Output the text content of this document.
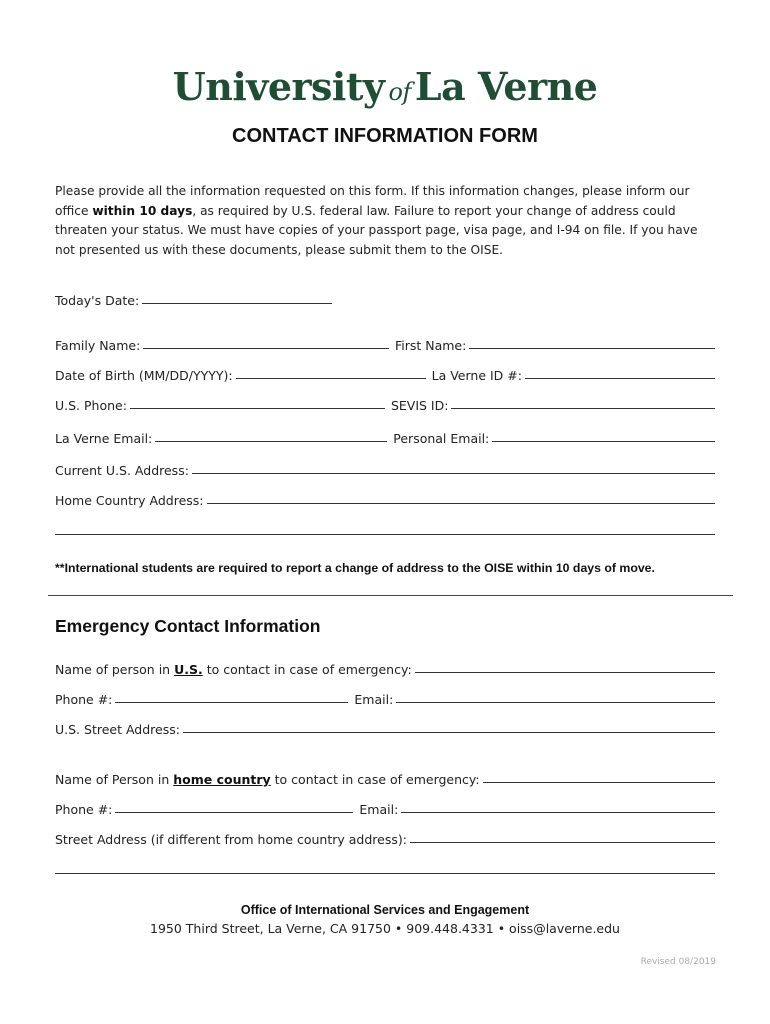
University of La Verne
CONTACT INFORMATION FORM
Please provide all the information requested on this form. If this information changes, please inform our office within 10 days, as required by U.S. federal law. Failure to report your change of address could threaten your status. We must have copies of your passport page, visa page, and I-94 on file. If you have not presented us with these documents, please submit them to the OISE.
Today's Date:
Family Name:	First Name:
Date of Birth (MM/DD/YYYY):	La Verne ID #:
U.S. Phone:	SEVIS ID:
La Verne Email:	Personal Email:
Current U.S. Address:
Home Country Address:
**International students are required to report a change of address to the OISE within 10 days of move.
Emergency Contact Information
Name of person in U.S. to contact in case of emergency:
Phone #:	Email:
U.S. Street Address:
Name of Person in home country to contact in case of emergency:
Phone #:	Email:
Street Address (if different from home country address):
Office of International Services and Engagement
1950 Third Street, La Verne, CA 91750 • 909.448.4331 • oiss@laverne.edu
Revised 08/2019
